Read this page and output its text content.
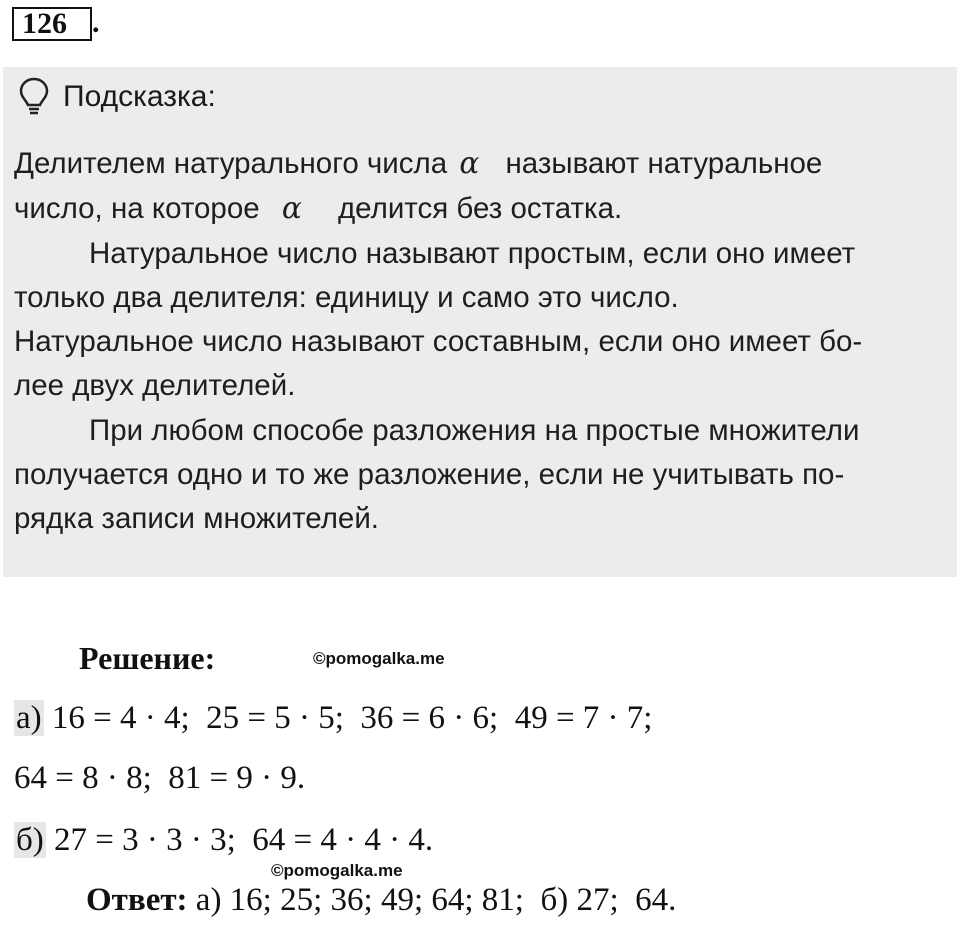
126 .
Подсказка:

Делителем натурального числа α называют натуральное
число, на которое α делится без остатка.

Натуральное число называют простым, если оно имеет

только два делителя: единицу и само это число.

Натуральное число называют составным, если оно имеет бо-

лее двух делителей.

При любом способе разложения на простые множители

получается одно и то же разложение, если не учитывать по-

рядка записи множителей.

Решение:	©pomogalka.me
а) 16 = 4 · 4;  25 = 5 · 5;  36 = 6 · 6;  49 = 7 · 7;
64 = 8 · 8;  81 = 9 · 9.
б) 27 = 3 · 3 · 3;  64 = 4 · 4 · 4.
©pomogalka.me
Ответ: а) 16; 25; 36; 49; 64; 81;  б) 27;  64.
